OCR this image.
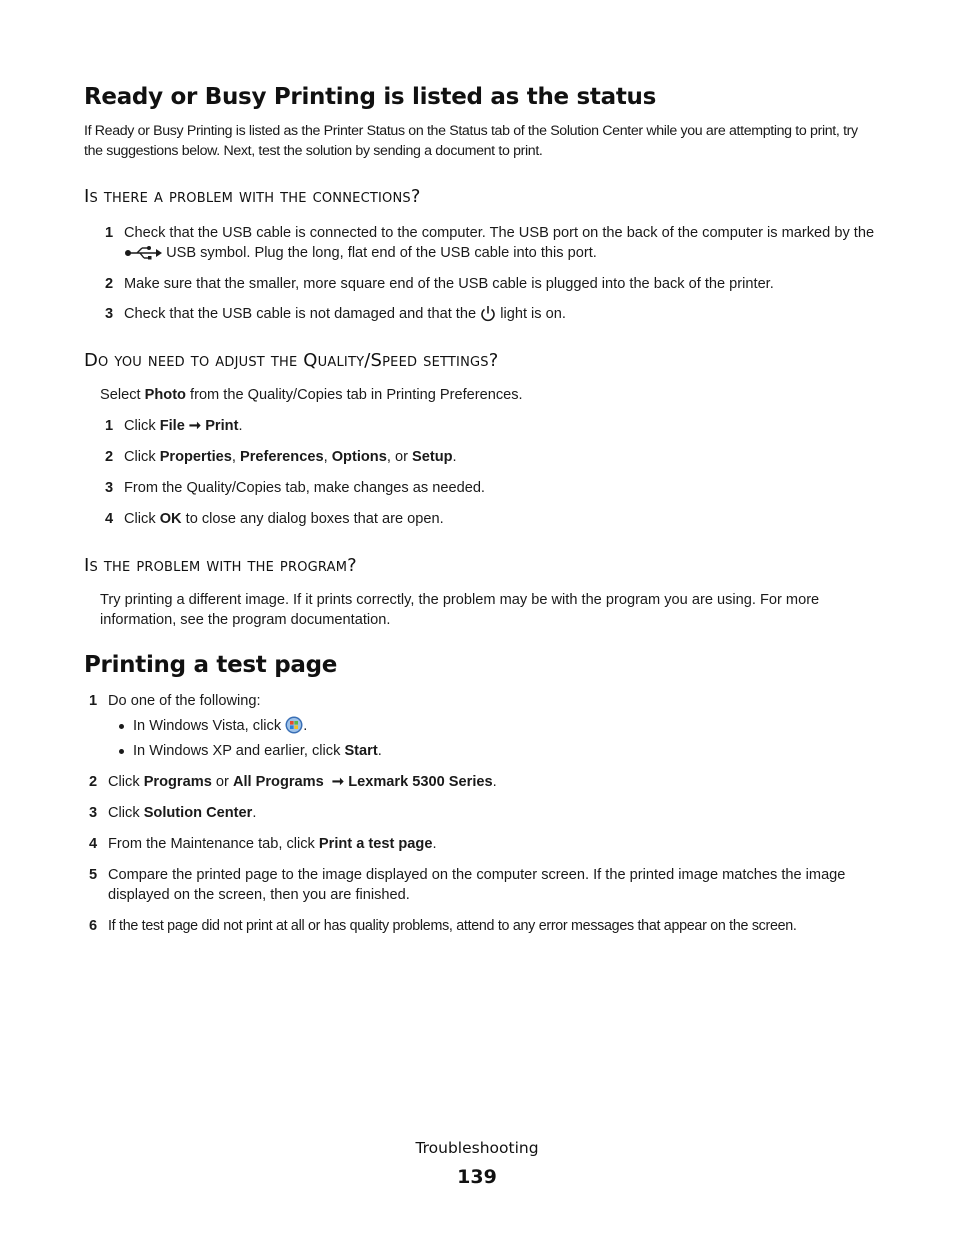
Ready or Busy Printing is listed as the status

If Ready or Busy Printing is listed as the Printer Status on the Status tab of the Solution Center while you are attempting to print, try the suggestions below. Next, test the solution by sending a document to print.

Is there a problem with the connections?
1 Check that the USB cable is connected to the computer. The USB port on the back of the computer is marked by the  USB symbol. Plug the long, flat end of the USB cable into this port.
2 Make sure that the smaller, more square end of the USB cable is plugged into the back of the printer.
3 Check that the USB cable is not damaged and that the light is on.
Do you need to adjust the Quality/Speed settings?

Select Photo from the Quality/Copies tab in Printing Preferences.

1 Click File ➞ Print.
2 Click Properties, Preferences, Options, or Setup.
3 From the Quality/Copies tab, make changes as needed.
4 Click OK to close any dialog boxes that are open.
Is the problem with the program?

Try printing a different image. If it prints correctly, the problem may be with the program you are using. For more information, see the program documentation.

Printing a test page
1 Do one of the following:
In Windows Vista, click .
In Windows XP and earlier, click Start.
2 Click Programs or All Programs ➞ Lexmark 5300 Series.
3 Click Solution Center.
4 From the Maintenance tab, click Print a test page.
5 Compare the printed page to the image displayed on the computer screen. If the printed image matches the image displayed on the screen, then you are finished.
6 If the test page did not print at all or has quality problems, attend to any error messages that appear on the screen.
Troubleshooting
139
